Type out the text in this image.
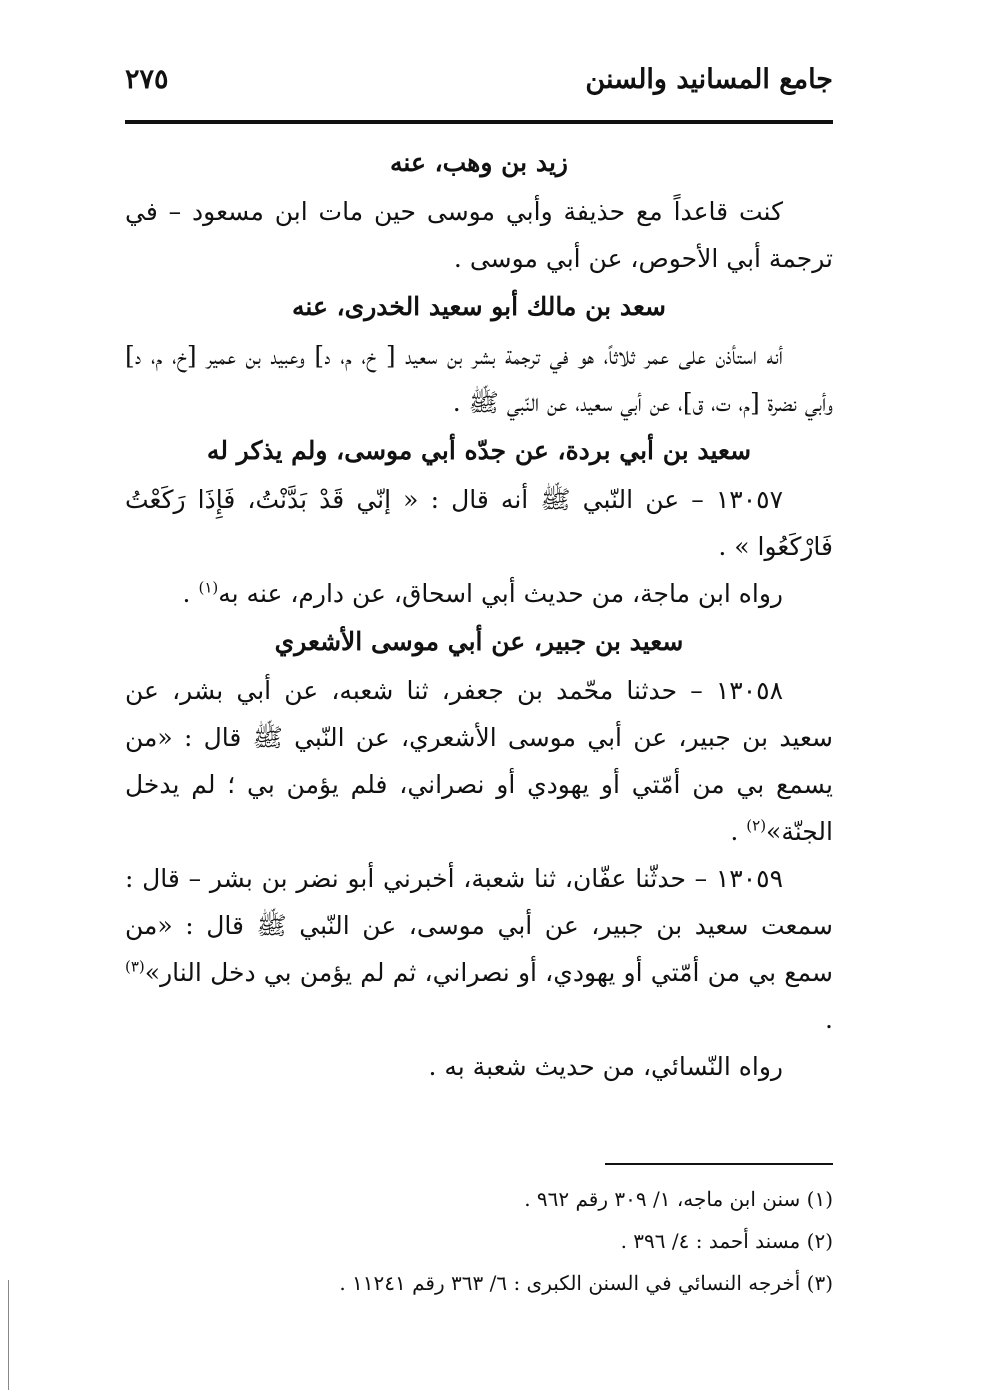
جامع المسانيد والسنن
٢٧٥

زيد بن وهب، عنه

كنت قاعداً مع حذيفة وأبي موسى حين مات ابن مسعود – في ترجمة أبي الأحوص، عن أبي موسى .

سعد بن مالك أبو سعيد الخدرى، عنه

أنه استأذن على عمر ثلاثاً، هو في ترجمة بشر بن سعيد [ خ، م، د] وعبيد بن عمير [خ، م، د] وأبي نضرة [م، ت، ق]، عن أبي سعيد، عن النّبي ﷺ .

سعيد بن أبي بردة، عن جدّه أبي موسى، ولم يذكر له

١٣٠٥٧ – عن النّبي ﷺ أنه قال : « إنّي قَدْ بَدَّنْتُ، فَإِذَا رَكَعْتُ فَارْكَعُوا » .

رواه ابن ماجة، من حديث أبي اسحاق، عن دارم، عنه به$^{(١)}$ .

سعيد بن جبير، عن أبي موسى الأشعري

١٣٠٥٨ – حدثنا محّمد بن جعفر، ثنا شعبه، عن أبي بشر، عن سعيد بن جبير، عن أبي موسى الأشعري، عن النّبي ﷺ قال : «من يسمع بي من أمّتي أو يهودي أو نصراني، فلم يؤمن بي ؛ لم يدخل الجنّة»$^{(٢)}$ .

١٣٠٥٩ – حدثّنا عفّان، ثنا شعبة، أخبرني أبو نضر بن بشر – قال : سمعت سعيد بن جبير، عن أبي موسى، عن النّبي ﷺ قال : «من سمع بي من أمّتي أو يهودي، أو نصراني، ثم لم يؤمن بي دخل النار»$^{(٣)}$ .

رواه النّسائي، من حديث شعبة به .

(١) سنن ابن ماجه، ١/ ٣٠٩ رقم ٩٦٢ .

(٢) مسند أحمد : ٤/ ٣٩٦ .

(٣) أخرجه النسائي في السنن الكبرى : ٦/ ٣٦٣ رقم ١١٢٤١ .
